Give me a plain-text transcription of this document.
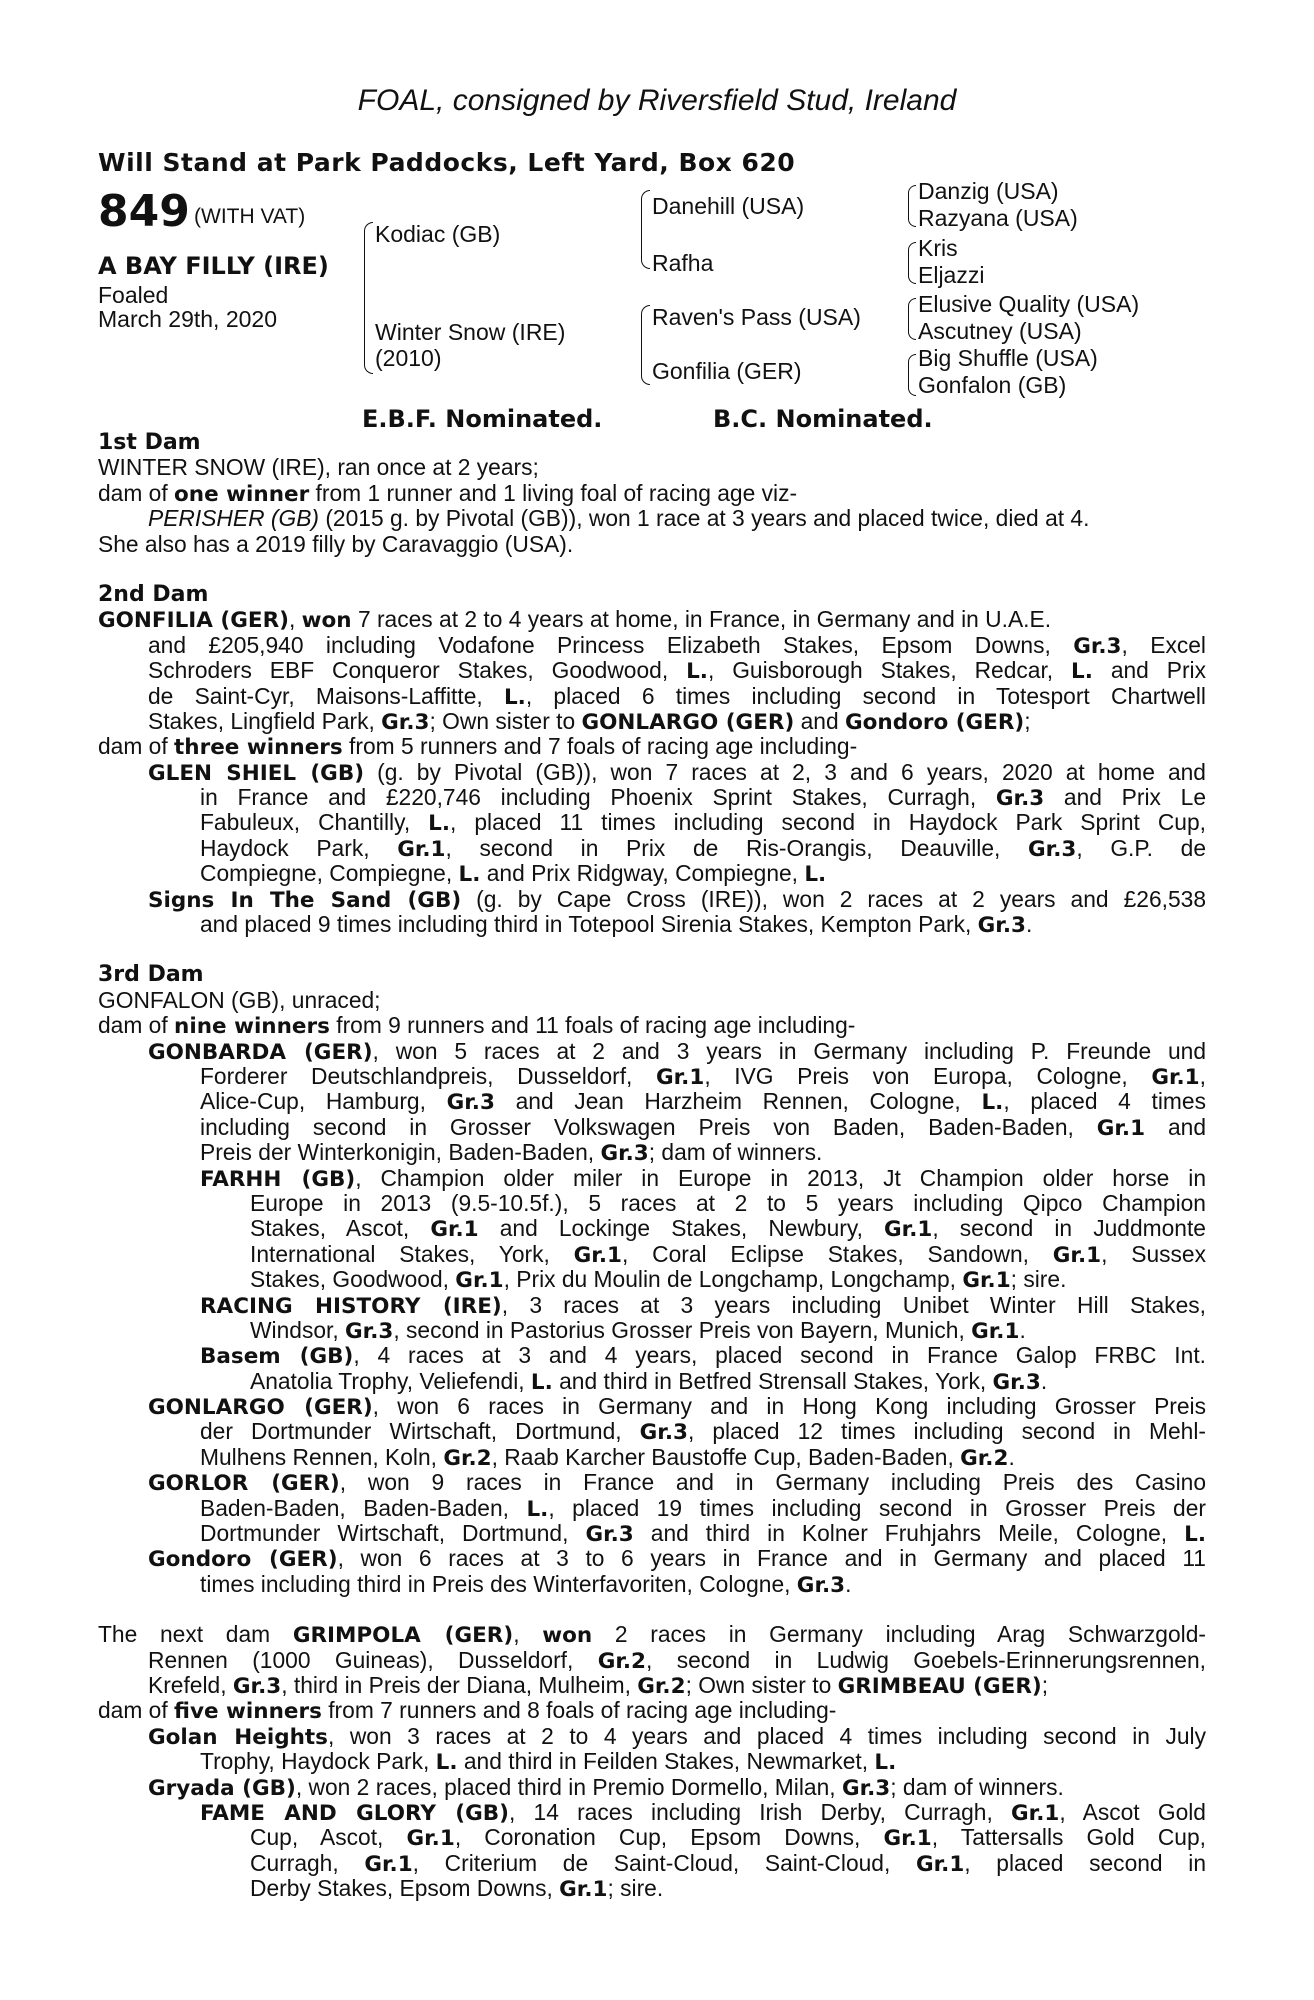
FOAL, consigned by Riversfield Stud, Ireland
Will Stand at Park Paddocks, Left Yard, Box 620
849 (WITH VAT)
A BAY FILLY (IRE)
Foaled
March 29th, 2020
Kodiac (GB)
Winter Snow (IRE)
(2010)
Danehill (USA)
Rafha
Raven's Pass (USA)
Gonfilia (GER)
Danzig (USA)
Razyana (USA)
Kris
Eljazzi
Elusive Quality (USA)
Ascutney (USA)
Big Shuffle (USA)
Gonfalon (GB)
E.B.F. Nominated.	B.C. Nominated.
1st Dam
WINTER SNOW (IRE), ran once at 2 years;
dam of one winner from 1 runner and 1 living foal of racing age viz-
PERISHER (GB) (2015 g. by Pivotal (GB)), won 1 race at 3 years and placed twice, died at 4.
She also has a 2019 filly by Caravaggio (USA).
2nd Dam
GONFILIA (GER), won 7 races at 2 to 4 years at home, in France, in Germany and in U.A.E.
and £205,940 including Vodafone Princess Elizabeth Stakes, Epsom Downs, Gr.3, Excel
Schroders EBF Conqueror Stakes, Goodwood, L., Guisborough Stakes, Redcar, L. and Prix
de Saint-Cyr, Maisons-Laffitte, L., placed 6 times including second in Totesport Chartwell
Stakes, Lingfield Park, Gr.3; Own sister to GONLARGO (GER) and Gondoro (GER);
dam of three winners from 5 runners and 7 foals of racing age including-
GLEN SHIEL (GB) (g. by Pivotal (GB)), won 7 races at 2, 3 and 6 years, 2020 at home and
in France and £220,746 including Phoenix Sprint Stakes, Curragh, Gr.3 and Prix Le
Fabuleux, Chantilly, L., placed 11 times including second in Haydock Park Sprint Cup,
Haydock Park, Gr.1, second in Prix de Ris-Orangis, Deauville, Gr.3, G.P. de
Compiegne, Compiegne, L. and Prix Ridgway, Compiegne, L.
Signs In The Sand (GB) (g. by Cape Cross (IRE)), won 2 races at 2 years and £26,538
and placed 9 times including third in Totepool Sirenia Stakes, Kempton Park, Gr.3.
3rd Dam
GONFALON (GB), unraced;
dam of nine winners from 9 runners and 11 foals of racing age including-
GONBARDA (GER), won 5 races at 2 and 3 years in Germany including P. Freunde und
Forderer Deutschlandpreis, Dusseldorf, Gr.1, IVG Preis von Europa, Cologne, Gr.1,
Alice-Cup, Hamburg, Gr.3 and Jean Harzheim Rennen, Cologne, L., placed 4 times
including second in Grosser Volkswagen Preis von Baden, Baden-Baden, Gr.1 and
Preis der Winterkonigin, Baden-Baden, Gr.3; dam of winners.
FARHH (GB), Champion older miler in Europe in 2013, Jt Champion older horse in
Europe in 2013 (9.5-10.5f.), 5 races at 2 to 5 years including Qipco Champion
Stakes, Ascot, Gr.1 and Lockinge Stakes, Newbury, Gr.1, second in Juddmonte
International Stakes, York, Gr.1, Coral Eclipse Stakes, Sandown, Gr.1, Sussex
Stakes, Goodwood, Gr.1, Prix du Moulin de Longchamp, Longchamp, Gr.1; sire.
RACING HISTORY (IRE), 3 races at 3 years including Unibet Winter Hill Stakes,
Windsor, Gr.3, second in Pastorius Grosser Preis von Bayern, Munich, Gr.1.
Basem (GB), 4 races at 3 and 4 years, placed second in France Galop FRBC Int.
Anatolia Trophy, Veliefendi, L. and third in Betfred Strensall Stakes, York, Gr.3.
GONLARGO (GER), won 6 races in Germany and in Hong Kong including Grosser Preis
der Dortmunder Wirtschaft, Dortmund, Gr.3, placed 12 times including second in Mehl-
Mulhens Rennen, Koln, Gr.2, Raab Karcher Baustoffe Cup, Baden-Baden, Gr.2.
GORLOR (GER), won 9 races in France and in Germany including Preis des Casino
Baden-Baden, Baden-Baden, L., placed 19 times including second in Grosser Preis der
Dortmunder Wirtschaft, Dortmund, Gr.3 and third in Kolner Fruhjahrs Meile, Cologne, L.
Gondoro (GER), won 6 races at 3 to 6 years in France and in Germany and placed 11
times including third in Preis des Winterfavoriten, Cologne, Gr.3.
The next dam GRIMPOLA (GER), won 2 races in Germany including Arag Schwarzgold-
Rennen (1000 Guineas), Dusseldorf, Gr.2, second in Ludwig Goebels-Erinnerungsrennen,
Krefeld, Gr.3, third in Preis der Diana, Mulheim, Gr.2; Own sister to GRIMBEAU (GER);
dam of five winners from 7 runners and 8 foals of racing age including-
Golan Heights, won 3 races at 2 to 4 years and placed 4 times including second in July
Trophy, Haydock Park, L. and third in Feilden Stakes, Newmarket, L.
Gryada (GB), won 2 races, placed third in Premio Dormello, Milan, Gr.3; dam of winners.
FAME AND GLORY (GB), 14 races including Irish Derby, Curragh, Gr.1, Ascot Gold
Cup, Ascot, Gr.1, Coronation Cup, Epsom Downs, Gr.1, Tattersalls Gold Cup,
Curragh, Gr.1, Criterium de Saint-Cloud, Saint-Cloud, Gr.1, placed second in
Derby Stakes, Epsom Downs, Gr.1; sire.
